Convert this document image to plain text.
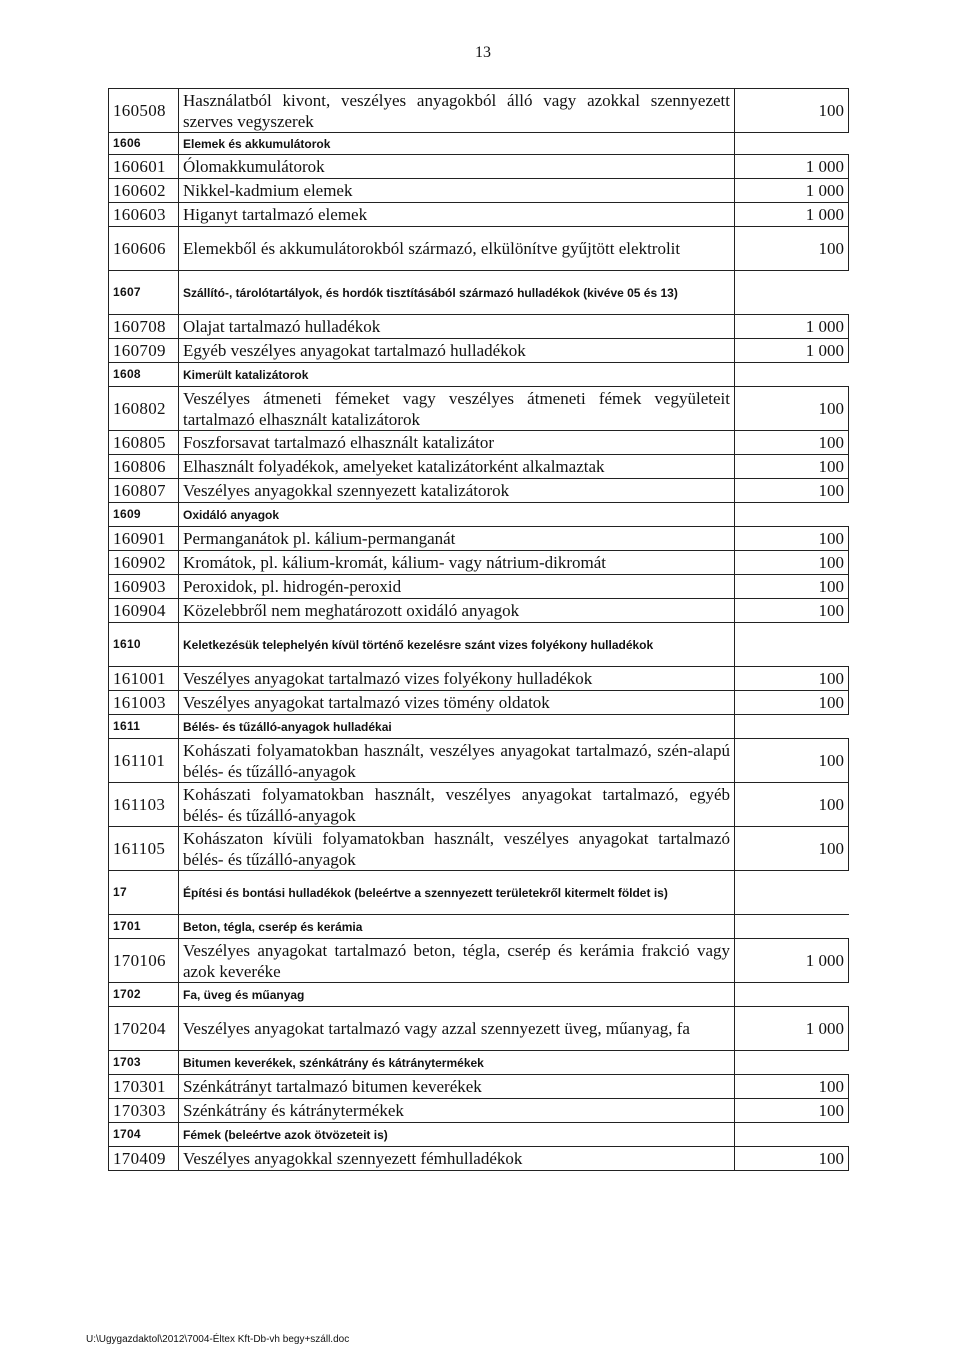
13
160508	Használatból kivont, veszélyes anyagokból álló vagy azokkal szennyezett szerves vegyszerek	100
1606	Elemek és akkumulátorok	
160601	Ólomakkumulátorok	1 000
160602	Nikkel-kadmium elemek	1 000
160603	Higanyt tartalmazó elemek	1 000
160606	Elemekből és akkumulátorokból származó, elkülönítve gyűjtött elektrolit	100
1607	Szállító-, tárolótartályok, és hordók tisztításából származó hulladékok (kivéve 05 és 13)	
160708	Olajat tartalmazó hulladékok	1 000
160709	Egyéb veszélyes anyagokat tartalmazó hulladékok	1 000
1608	Kimerült katalizátorok	
160802	Veszélyes átmeneti fémeket vagy veszélyes átmeneti fémek vegyületeit tartalmazó elhasznált katalizátorok	100
160805	Foszforsavat tartalmazó elhasznált katalizátor	100
160806	Elhasznált folyadékok, amelyeket katalizátorként alkalmaztak	100
160807	Veszélyes anyagokkal szennyezett katalizátorok	100
1609	Oxidáló anyagok	
160901	Permanganátok pl. kálium-permanganát	100
160902	Kromátok, pl. kálium-kromát, kálium- vagy nátrium-dikromát	100
160903	Peroxidok, pl. hidrogén-peroxid	100
160904	Közelebbről nem meghatározott oxidáló anyagok	100
1610	Keletkezésük telephelyén kívül történő kezelésre szánt vizes folyékony hulladékok	
161001	Veszélyes anyagokat tartalmazó vizes folyékony hulladékok	100
161003	Veszélyes anyagokat tartalmazó vizes tömény oldatok	100
1611	Bélés- és tűzálló-anyagok hulladékai	
161101	Kohászati folyamatokban használt, veszélyes anyagokat tartalmazó, szén-alapú bélés- és tűzálló-anyagok	100
161103	Kohászati folyamatokban használt, veszélyes anyagokat tartalmazó, egyéb bélés- és tűzálló-anyagok	100
161105	Kohászaton kívüli folyamatokban használt, veszélyes anyagokat tartalmazó bélés- és tűzálló-anyagok	100
17	Építési és bontási hulladékok (beleértve a szennyezett területekről kitermelt földet is)	
1701	Beton, tégla, cserép és kerámia	
170106	Veszélyes anyagokat tartalmazó beton, tégla, cserép és kerámia frakció vagy azok keveréke	1 000
1702	Fa, üveg és műanyag	
170204	Veszélyes anyagokat tartalmazó vagy azzal szennyezett üveg, műanyag, fa	1 000
1703	Bitumen keverékek, szénkátrány és kátránytermékek	
170301	Szénkátrányt tartalmazó bitumen keverékek	100
170303	Szénkátrány és kátránytermékek	100
1704	Fémek (beleértve azok ötvözeteit is)	
170409	Veszélyes anyagokkal szennyezett fémhulladékok	100
U:\Ugygazdaktol\2012\7004-Éltex Kft-Db-vh begy+száll.doc
